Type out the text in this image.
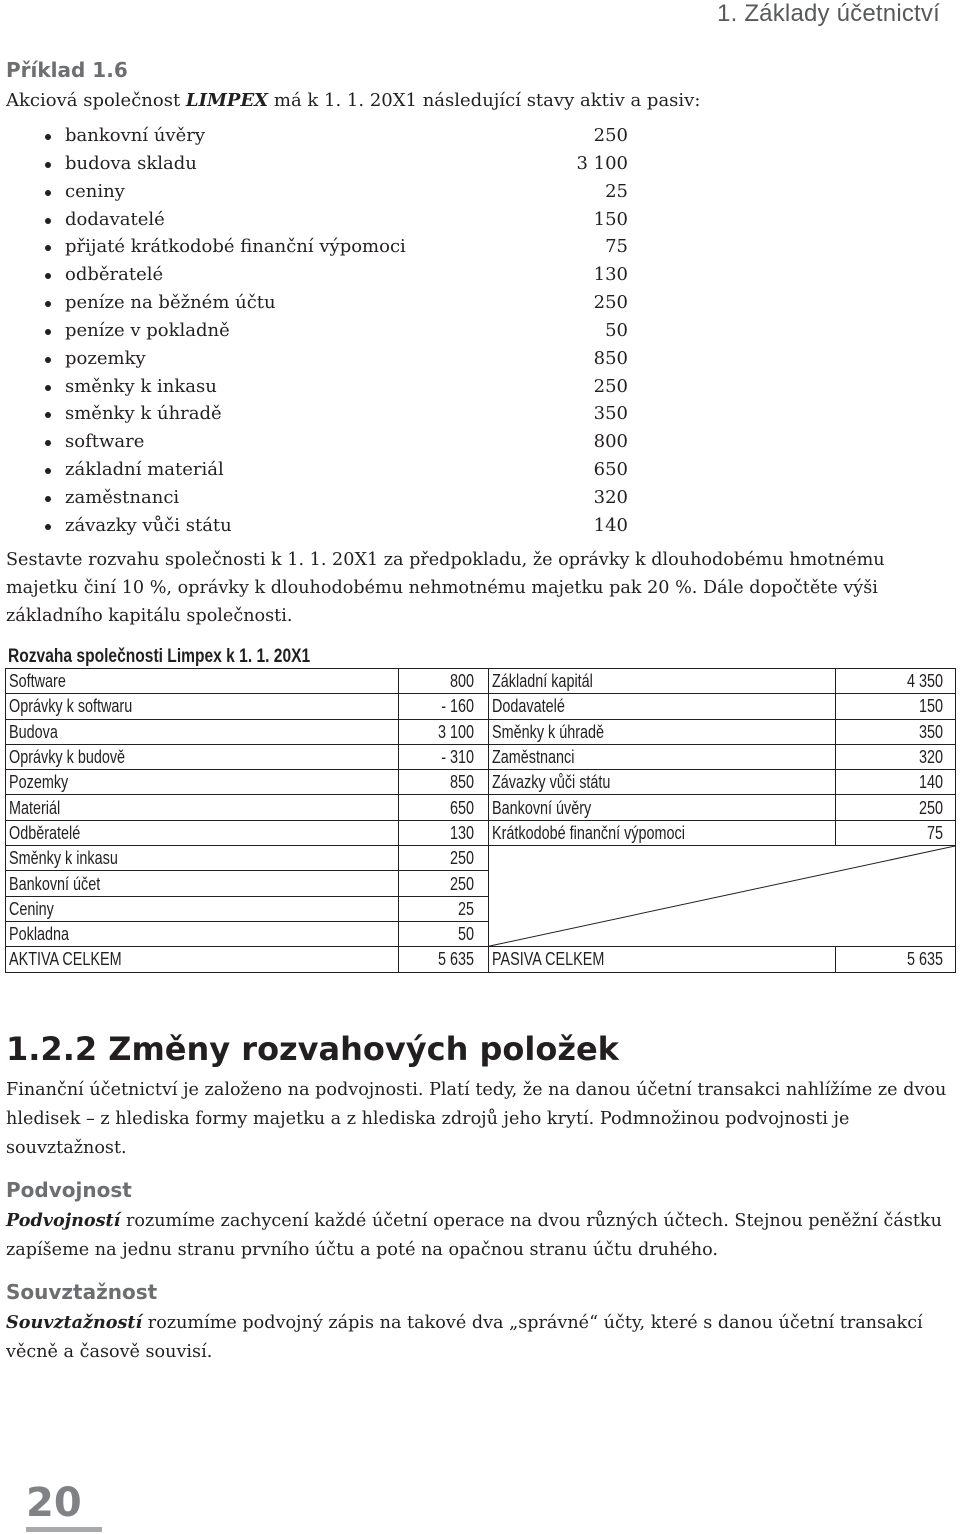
1. Základy účetnictví
Příklad 1.6
Akciová společnost LIMPEX má k 1. 1. 20X1 následující stavy aktiv a pasiv:
bankovní úvěry	250
budova skladu	3 100
ceniny	25
dodavatelé	150
přijaté krátkodobé finanční výpomoci	75
odběratelé	130
peníze na běžném účtu	250
peníze v pokladně	50
pozemky	850
směnky k inkasu	250
směnky k úhradě	350
software	800
základní materiál	650
zaměstnanci	320
závazky vůči státu	140
Sestavte rozvahu společnosti k 1. 1. 20X1 za předpokladu, že oprávky k dlouhodobému hmotnému majetku činí 10 %, oprávky k dlouhodobému nehmotnému majetku pak 20 %. Dále dopočtěte výši základního kapitálu společnosti.
Rozvaha společnosti Limpex k 1. 1. 20X1
Software	800	Základní kapitál	4 350
Oprávky k softwaru	- 160	Dodavatelé	150
Budova	3 100	Směnky k úhradě	350
Oprávky k budově	- 310	Zaměstnanci	320
Pozemky	850	Závazky vůči státu	140
Materiál	650	Bankovní úvěry	250
Odběratelé	130	Krátkodobé finanční výpomoci	75
Směnky k inkasu	250	

Bankovní účet	250		
Ceniny	25		
Pokladna	50		
AKTIVA CELKEM	5 635	PASIVA CELKEM	5 635
1.2.2 Změny rozvahových položek
Finanční účetnictví je založeno na podvojnosti. Platí tedy, že na danou účetní transakci nahlížíme ze dvou hledisek – z hlediska formy majetku a z hlediska zdrojů jeho krytí. Podmnožinou podvojnosti je souvztažnost.
Podvojnost
Podvojností rozumíme zachycení každé účetní operace na dvou různých účtech. Stejnou peněžní částku zapíšeme na jednu stranu prvního účtu a poté na opačnou stranu účtu druhého.
Souvztažnost
Souvztažností rozumíme podvojný zápis na takové dva „správné“ účty, které s danou účetní transakcí věcně a časově souvisí.
20
